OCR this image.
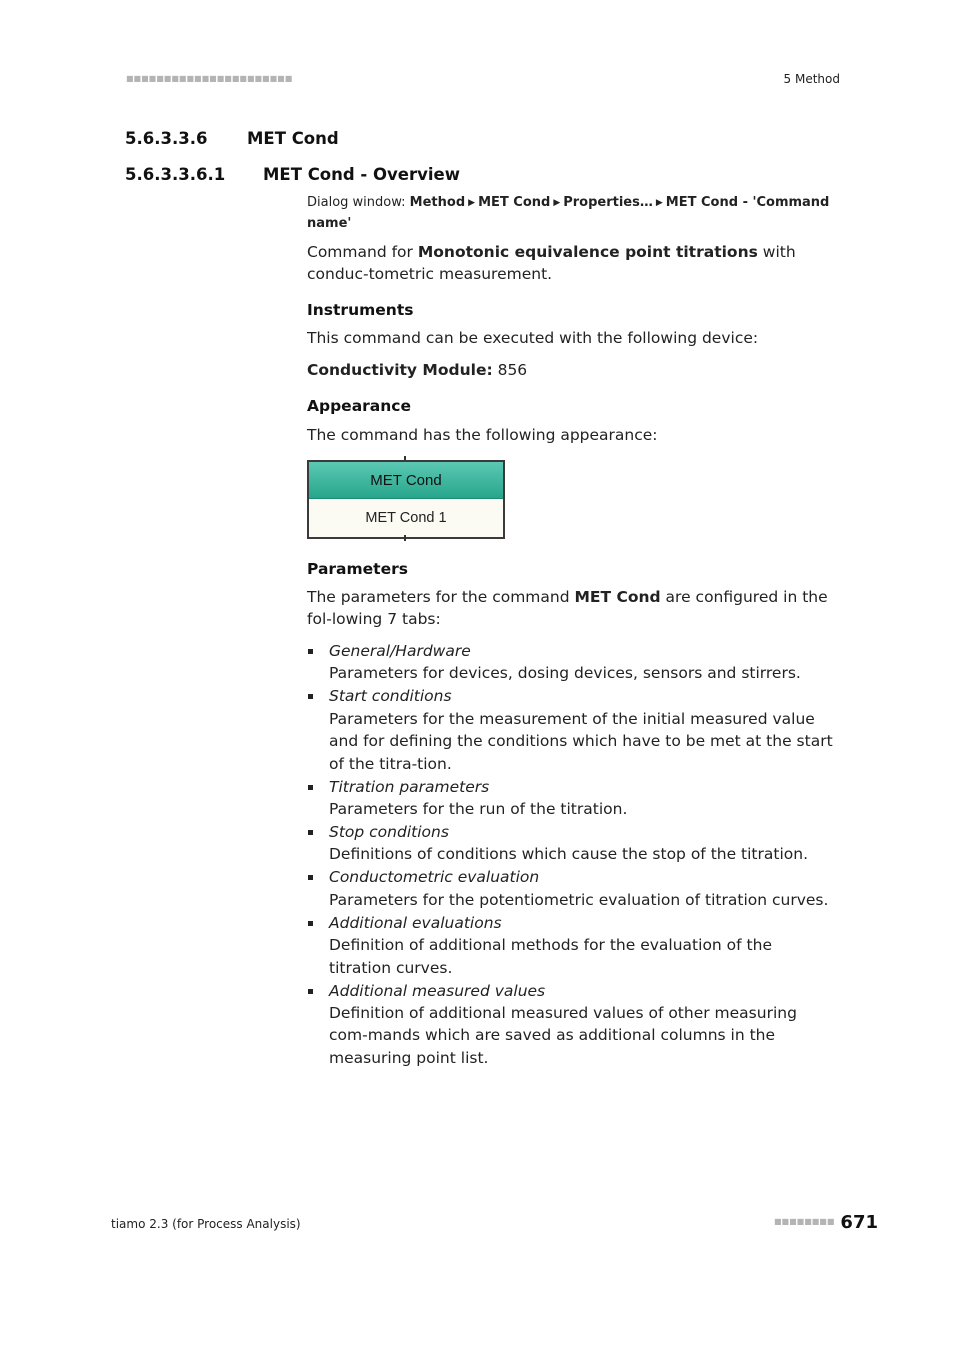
■■■■■■■■■■■■■■■■■■■■■■	5 Method
5.6.3.3.6 MET Cond
5.6.3.3.6.1 MET Cond - Overview
Dialog window: Method ▶ MET Cond ▶ Properties… ▶ MET Cond - 'Command name'
Command for Monotonic equivalence point titrations with conduc-tometric measurement.
Instruments
This command can be executed with the following device:
Conductivity Module: 856
Appearance
The command has the following appearance:
MET Cond
MET Cond 1
Parameters
The parameters for the command MET Cond are configured in the fol-lowing 7 tabs:
General/Hardware
Parameters for devices, dosing devices, sensors and stirrers.
Start conditions
Parameters for the measurement of the initial measured value and for defining the conditions which have to be met at the start of the titra-tion.
Titration parameters
Parameters for the run of the titration.
Stop conditions
Definitions of conditions which cause the stop of the titration.
Conductometric evaluation
Parameters for the potentiometric evaluation of titration curves.
Additional evaluations
Definition of additional methods for the evaluation of the titration curves.
Additional measured values
Definition of additional measured values of other measuring com-mands which are saved as additional columns in the measuring point list.
tiamo 2.3 (for Process Analysis)	■■■■■■■■ 671
